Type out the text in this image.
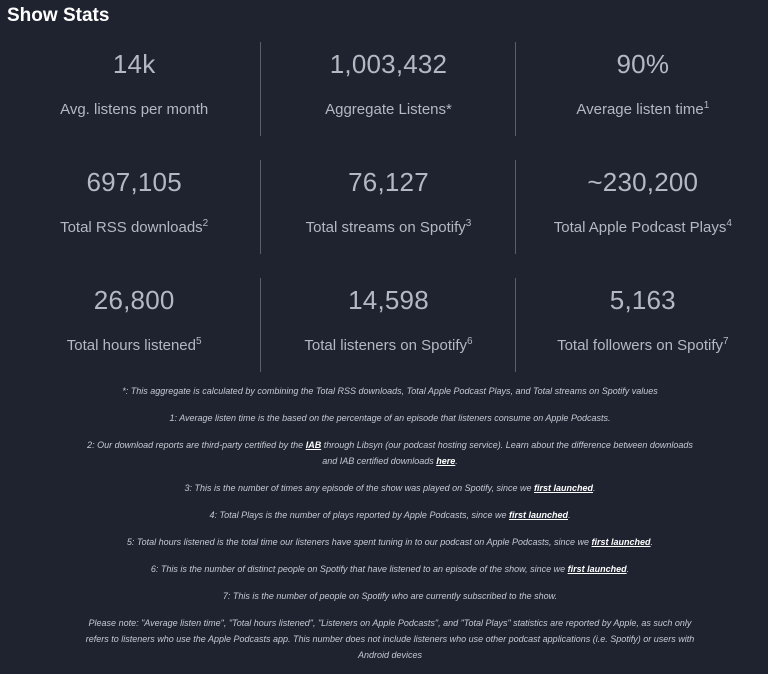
Show Stats
14k
Avg. listens per month
1,003,432
Aggregate Listens*
90%
Average listen time$^1$
697,105
Total RSS downloads$^2$
76,127
Total streams on Spotify$^3$
~230,200
Total Apple Podcast Plays$^4$
26,800
Total hours listened$^5$
14,598
Total listeners on Spotify$^6$
5,163
Total followers on Spotify$^7$

*: This aggregate is calculated by combining the Total RSS downloads, Total Apple Podcast Plays, and Total streams on Spotify values

1: Average listen time is the based on the percentage of an episode that listeners consume on Apple Podcasts.

2: Our download reports are third-party certified by the IAB through Libsyn (our podcast hosting service). Learn about the difference between downloads and IAB certified downloads here.

3: This is the number of times any episode of the show was played on Spotify, since we first launched.

4: Total Plays is the number of plays reported by Apple Podcasts, since we first launched.

5: Total hours listened is the total time our listeners have spent tuning in to our podcast on Apple Podcasts, since we first launched.

6: This is the number of distinct people on Spotify that have listened to an episode of the show, since we first launched.

7: This is the number of people on Spotify who are currently subscribed to the show.

Please note: "Average listen time", "Total hours listened", "Listeners on Apple Podcasts", and "Total Plays" statistics are reported by Apple, as such only refers to listeners who use the Apple Podcasts app. This number does not include listeners who use other podcast applications (i.e. Spotify) or users with Android devices
